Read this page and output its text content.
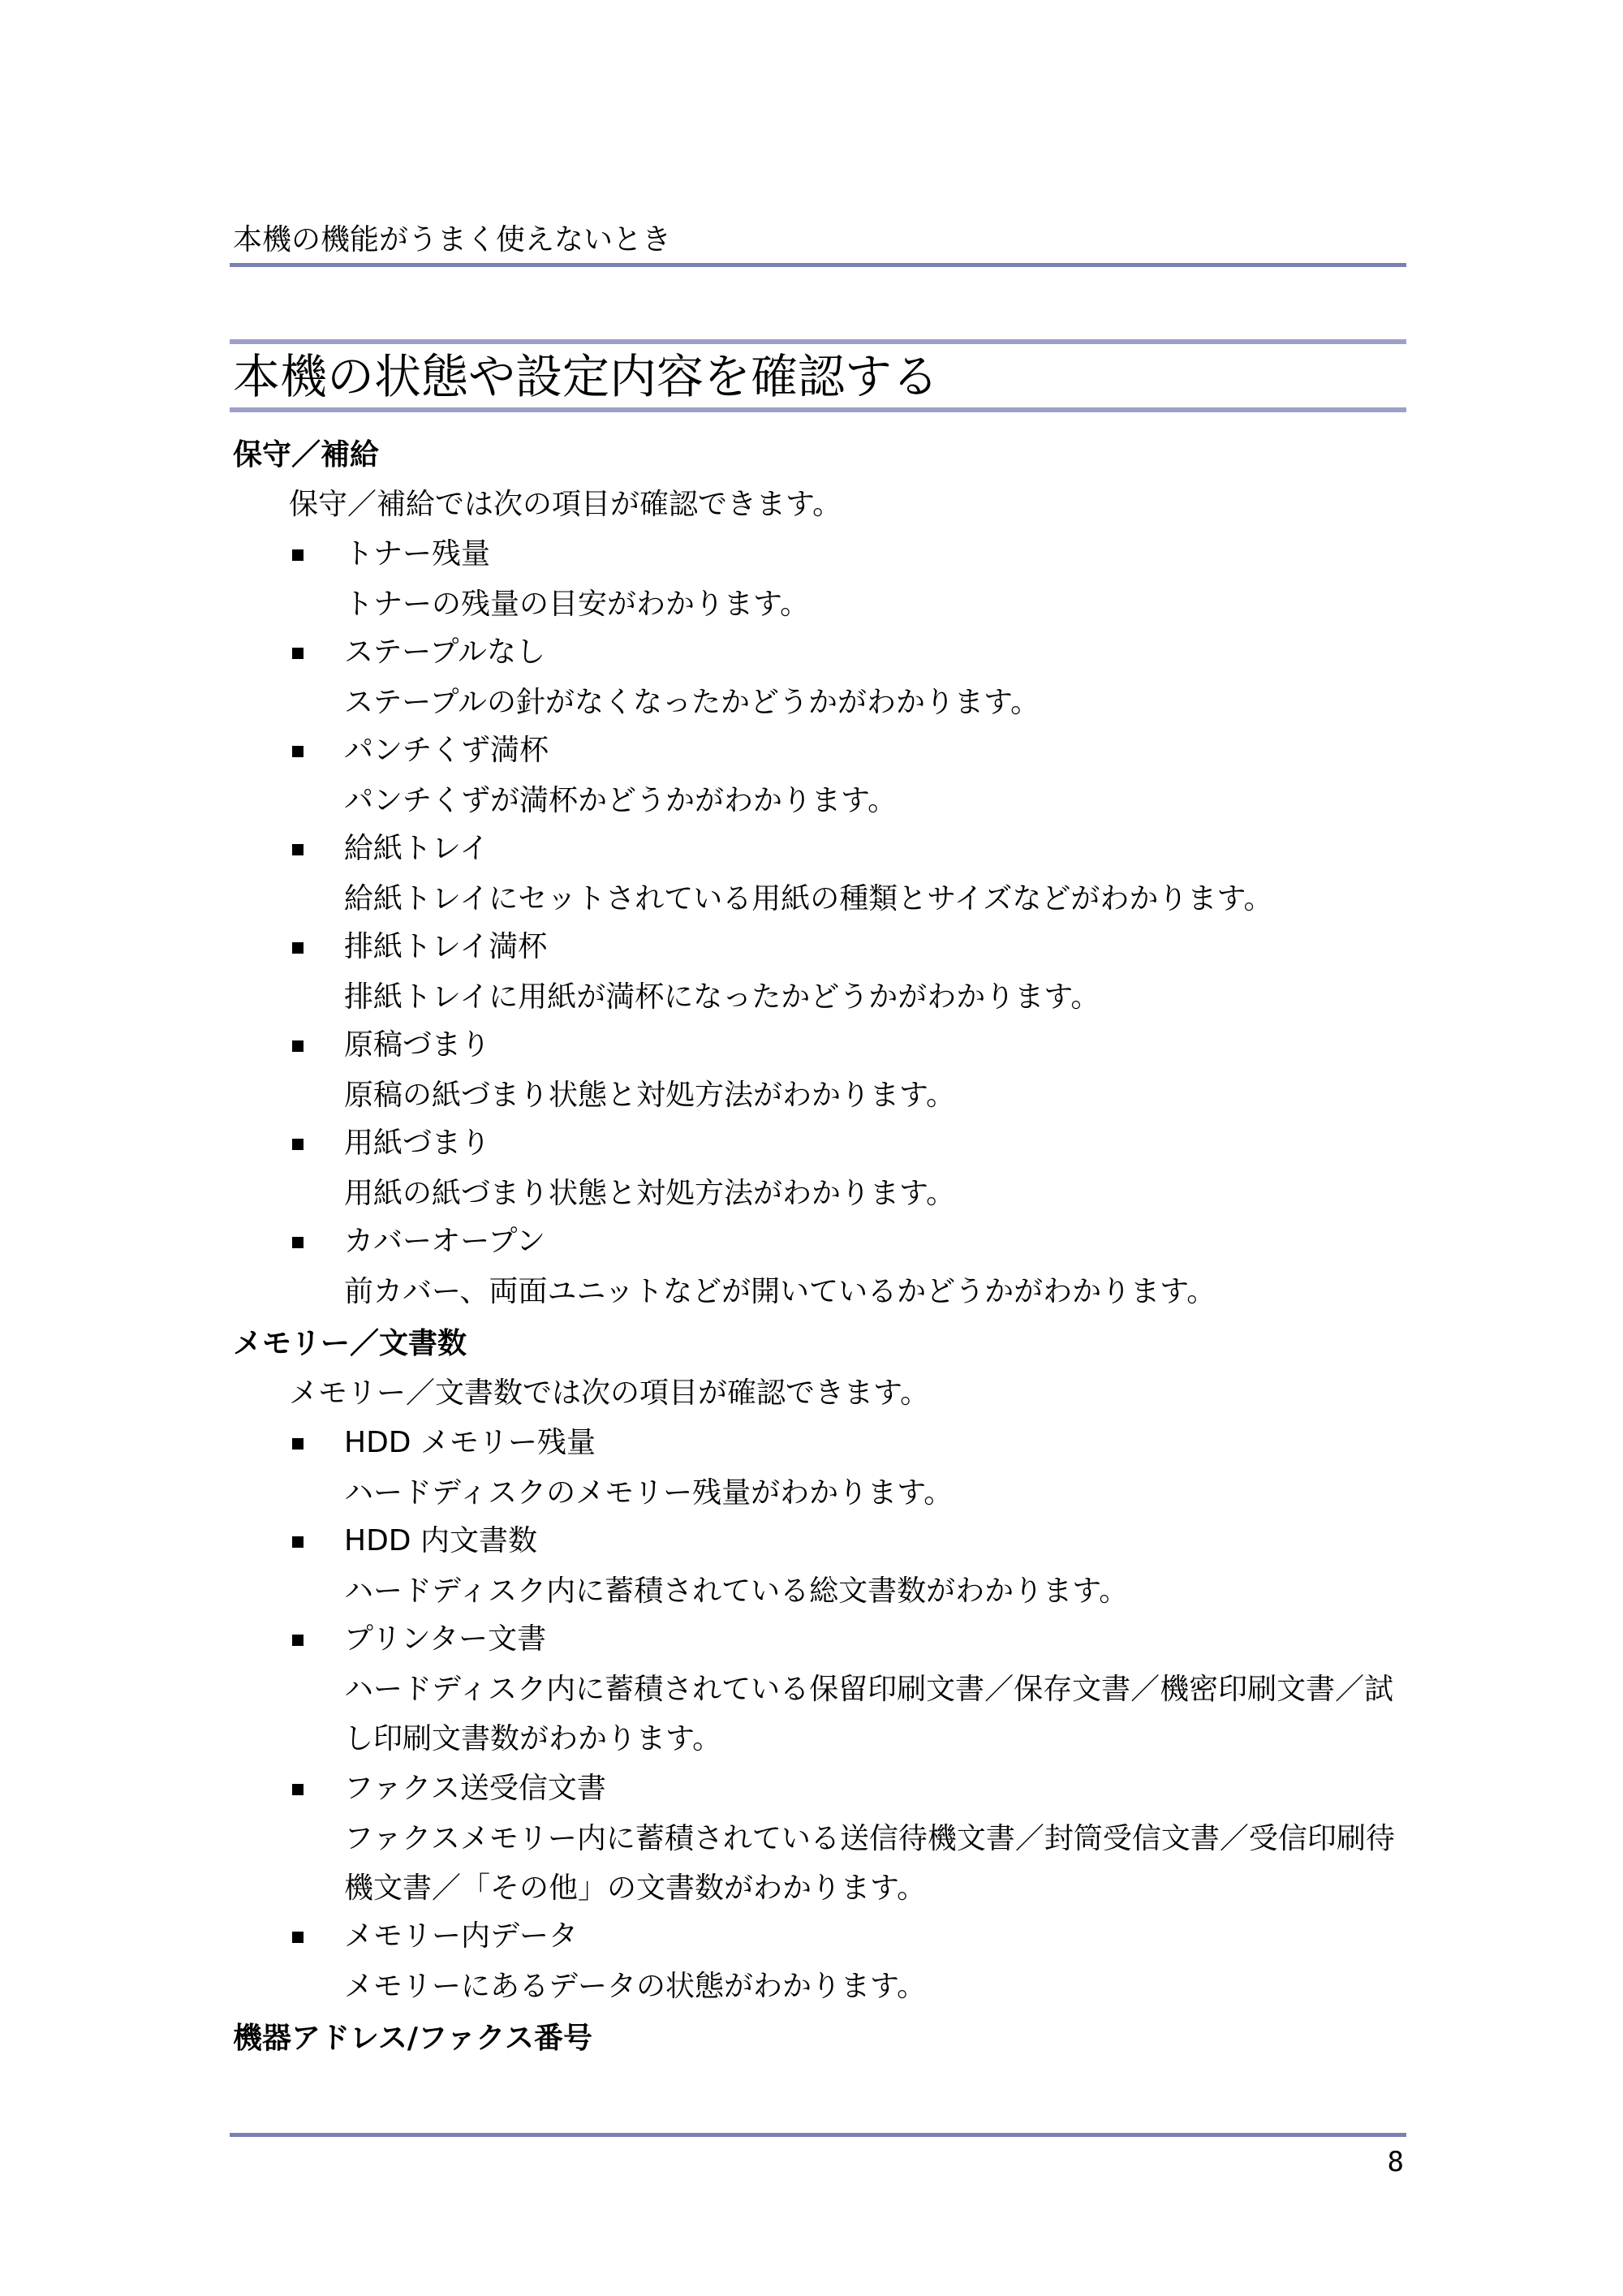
本機の機能がうまく使えないとき
本機の状態や設定内容を確認する
保守／補給
保守／補給では次の項目が確認できます。
トナー残量
トナーの残量の目安がわかります。
ステープルなし
ステープルの針がなくなったかどうかがわかります。
パンチくず満杯
パンチくずが満杯かどうかがわかります。
給紙トレイ
給紙トレイにセットされている用紙の種類とサイズなどがわかります。
排紙トレイ満杯
排紙トレイに用紙が満杯になったかどうかがわかります。
原稿づまり
原稿の紙づまり状態と対処方法がわかります。
用紙づまり
用紙の紙づまり状態と対処方法がわかります。
カバーオープン
前カバー、両面ユニットなどが開いているかどうかがわかります。
メモリー／文書数
メモリー／文書数では次の項目が確認できます。
HDD メモリー残量
ハードディスクのメモリー残量がわかります。
HDD 内文書数
ハードディスク内に蓄積されている総文書数がわかります。
プリンター文書
ハードディスク内に蓄積されている保留印刷文書／保存文書／機密印刷文書／試し印刷文書数がわかります。
ファクス送受信文書
ファクスメモリー内に蓄積されている送信待機文書／封筒受信文書／受信印刷待機文書／「その他」の文書数がわかります。
メモリー内データ
メモリーにあるデータの状態がわかります。
機器アドレス/ファクス番号
8
